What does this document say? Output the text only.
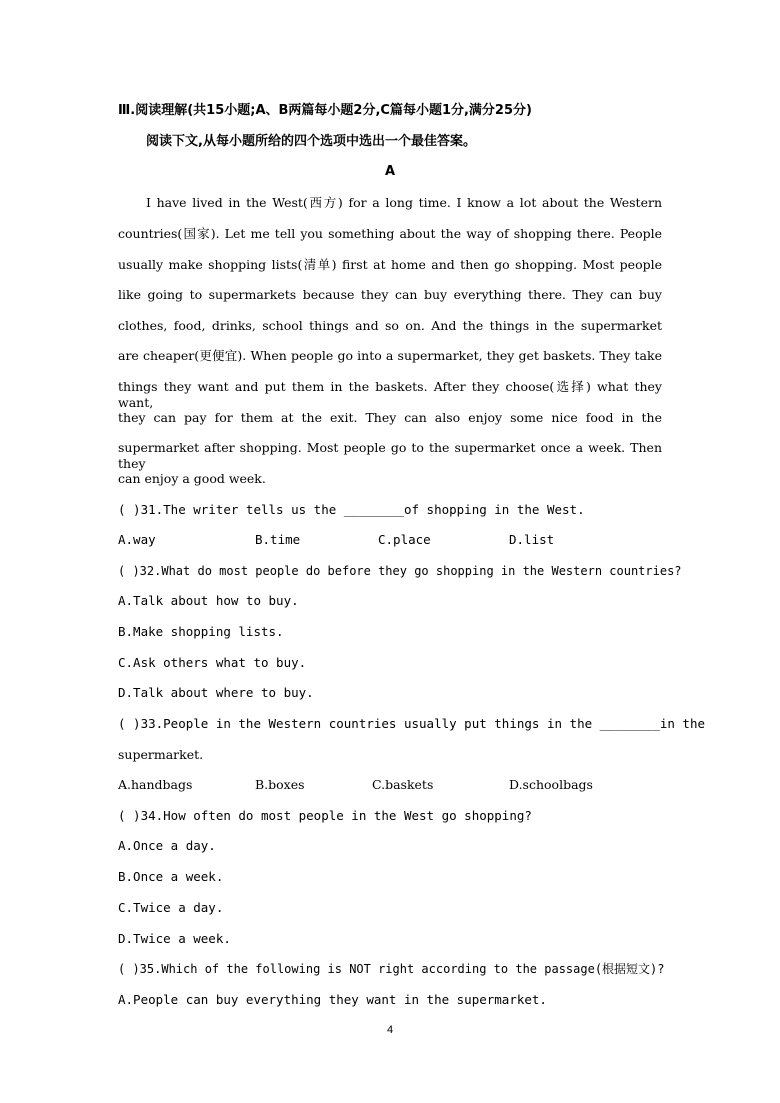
Ⅲ.阅读理解(共15小题;A、B两篇每小题2分,C篇每小题1分,满分25分)
阅读下文,从每小题所给的四个选项中选出一个最佳答案。
A
I have lived in the West(西方) for a long time. I know a lot about the Western
countries(国家). Let me tell you something about the way of shopping there. People
usually make shopping lists(清单) first at home and then go shopping. Most people
like going to supermarkets because they can buy everything there. They can buy
clothes, food, drinks, school things and so on. And the things in the supermarket
are cheaper(更便宜). When people go into a supermarket, they get baskets. They take
things they want and put them in the baskets. After they choose(选择) what they want,
they can pay for them at the exit. They can also enjoy some nice food in the
supermarket after shopping. Most people go to the supermarket once a week. Then they
can enjoy a good week.
( )31.The writer tells us the ________of shopping in the West.
A.way	B.time	C.place	D.list
( )32.What do most people do before they go shopping in the Western countries?
A.Talk about how to buy.
B.Make shopping lists.
C.Ask others what to buy.
D.Talk about where to buy.
( )33.People in the Western countries usually put things in the ________in the
supermarket.
A.handbags	B.boxes	C.baskets	D.schoolbags
( )34.How often do most people in the West go shopping?
A.Once a day.
B.Once a week.
C.Twice a day.
D.Twice a week.
( )35.Which of the following is NOT right according to the passage(根据短文)?
A.People can buy everything they want in the supermarket.
4
